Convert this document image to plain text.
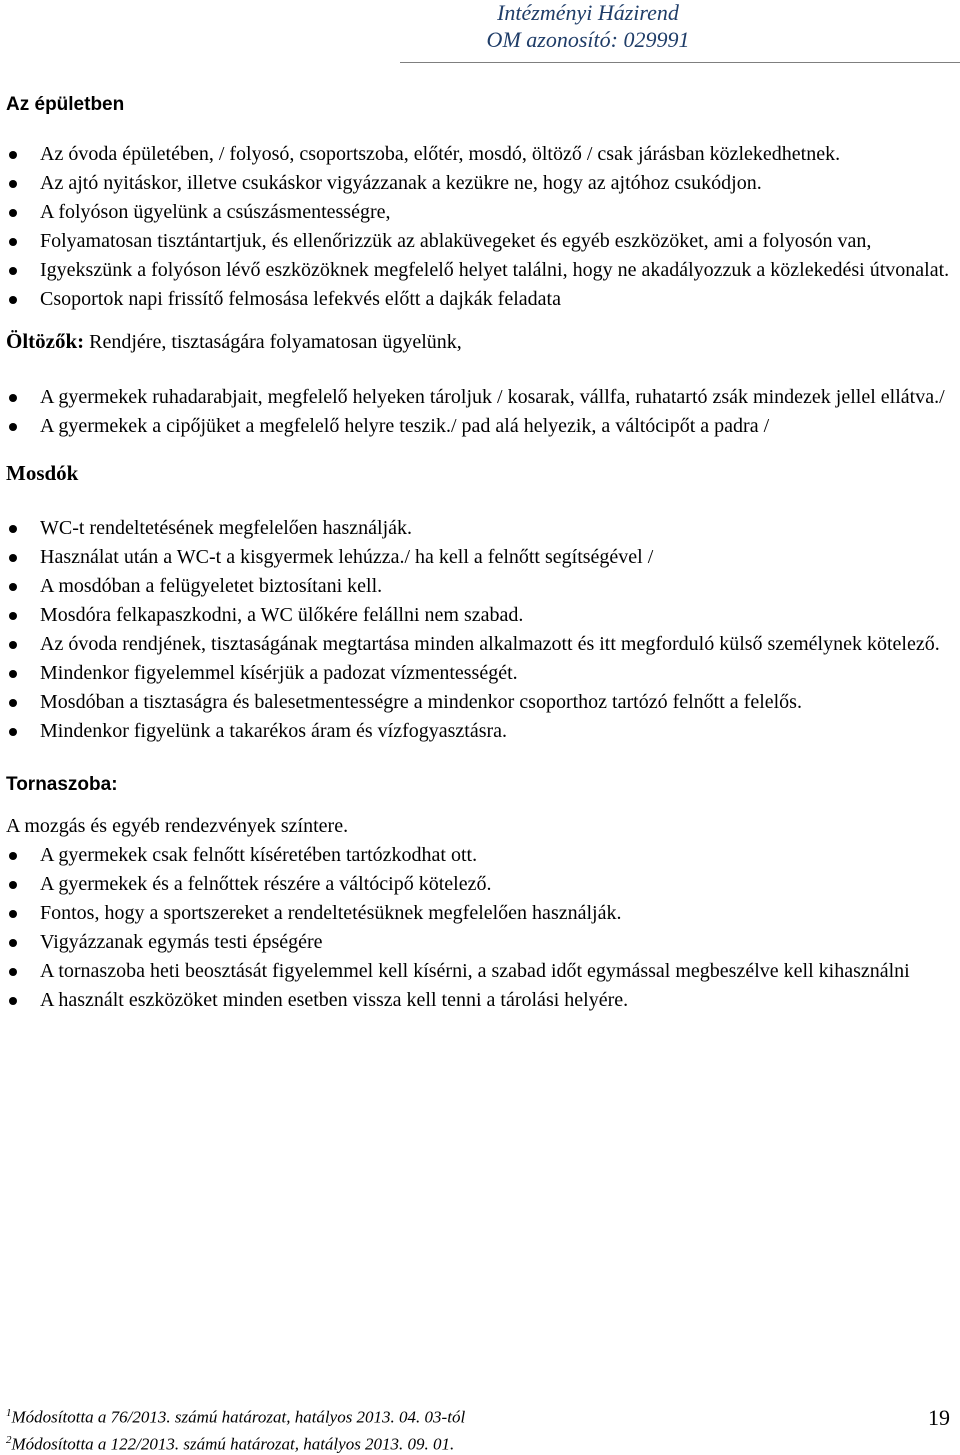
Intézményi Házirend
OM azonosító: 029991

Az épületben

Az óvoda épületében, / folyosó, csoportszoba, előtér, mosdó, öltöző / csak járásban közlekedhetnek.
Az ajtó nyitáskor, illetve csukáskor vigyázzanak a kezükre ne, hogy az ajtóhoz csukódjon.
A folyóson ügyelünk a csúszásmentességre,
Folyamatosan tisztántartjuk, és ellenőrizzük az ablaküvegeket és egyéb eszközöket, ami a folyosón van,
Igyekszünk a folyóson lévő eszközöknek megfelelő helyet találni, hogy ne akadályozzuk a közlekedési útvonalat.
Csoportok napi frissítő felmosása lefekvés előtt a dajkák feladata

Öltözők: Rendjére, tisztaságára folyamatosan ügyelünk,

A gyermekek ruhadarabjait, megfelelő helyeken tároljuk / kosarak, vállfa, ruhatartó zsák mindezek jellel ellátva./
A gyermekek a cipőjüket a megfelelő helyre teszik./ pad alá helyezik, a váltócipőt a padra /

Mosdók

WC-t rendeltetésének megfelelően használják.
Használat után a WC-t a kisgyermek lehúzza./ ha kell a felnőtt segítségével /
A mosdóban a felügyeletet biztosítani kell.
Mosdóra felkapaszkodni, a WC ülőkére felállni nem szabad.
Az óvoda rendjének, tisztaságának megtartása minden alkalmazott és itt megforduló külső személynek kötelező.
Mindenkor figyelemmel kísérjük a padozat vízmentességét.
Mosdóban a tisztaságra és balesetmentességre a mindenkor csoporthoz tartózó felnőtt a felelős.
Mindenkor figyelünk a takarékos áram és vízfogyasztásra.

Tornaszoba:

A mozgás és egyéb rendezvények színtere.

A gyermekek csak felnőtt kíséretében tartózkodhat ott.
A gyermekek és a felnőttek részére a váltócipő kötelező.
Fontos, hogy a sportszereket a rendeltetésüknek megfelelően használják.
Vigyázzanak egymás testi épségére
A tornaszoba heti beosztását figyelemmel kell kísérni, a szabad időt egymással megbeszélve kell kihasználni
A használt eszközöket minden esetben vissza kell tenni a tárolási helyére.
$^1$Módosította a 76/2013. számú határozat, hatályos 2013. 04. 03-tól
$^2$Módosította a 122/2013. számú határozat, hatályos 2013. 09. 01.
19
